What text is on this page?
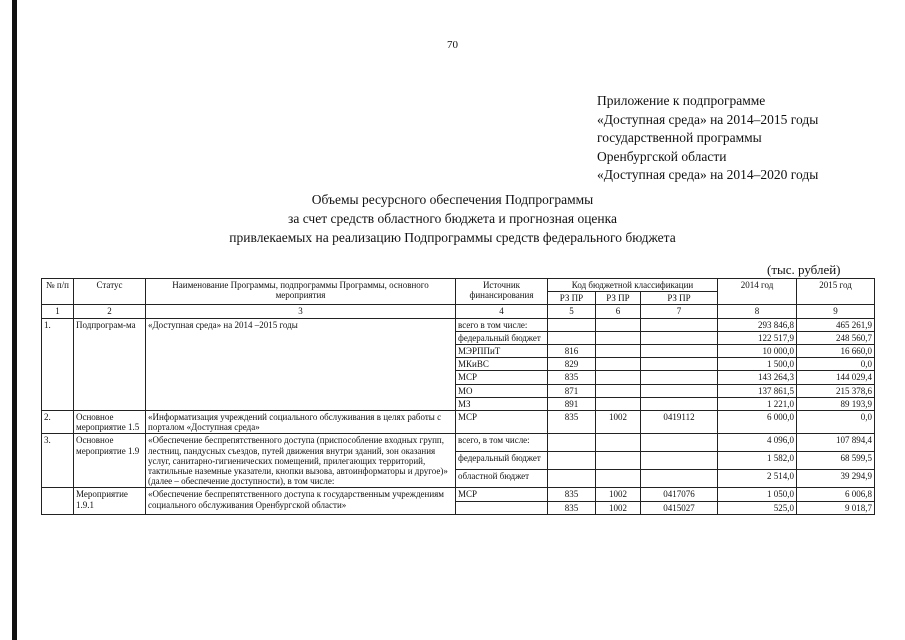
70
Приложение к подпрограмме
«Доступная среда» на 2014–2015 годы
государственной программы
Оренбургской области
«Доступная среда» на 2014–2020 годы
Объемы ресурсного обеспечения Подпрограммы
за счет средств областного бюджета и прогнозная оценка
привлекаемых на реализацию Подпрограммы средств федерального бюджета
(тыс. рублей)
№ п/п	Статус	Наименование Программы, подпрограммы Программы, основного мероприятия	Источник финансирования	Код бюджетной классификации			2014 год	2015 год
				РЗ ПР	РЗ ПР	РЗ ПР		
1	2	3	4	5	6	7	8	9
1.	Подпрограм-ма	«Доступная среда» на 2014 –2015 годы	всего в том числе:				293 846,8	465 261,9
			федеральный бюджет				122 517,9	248 560,7
			МЭРППиТ	816			10 000,0	16 660,0
			МКиВС	829			1 500,0	0,0
			МСР	835			143 264,3	144 029,4
			МО	871			137 861,5	215 378,6
			МЗ	891			1 221,0	89 193,9
2.	Основное мероприятие 1.5	«Информатизация учреждений социального обслуживания в целях работы с порталом «Доступная среда»	МСР	835	1002	0419112	6 000,0	0,0
3.	Основное мероприятие 1.9	«Обеспечение беспрепятственного доступа (приспособление входных групп, лестниц, пандусных съездов, путей движения внутри зданий, зон оказания услуг, санитарно-гигиенических помещений, прилегающих территорий, тактильные наземные указатели, кнопки вызова, автоинформаторы и другое)» (далее – обеспечение доступности), в том числе:	всего, в том числе:				4 096,0	107 894,4
			федеральный бюджет				1 582,0	68 599,5
			областной бюджет				2 514,0	39 294,9
	Мероприятие 1.9.1	«Обеспечение беспрепятственного доступа к государственным учреждениям социального обслуживания Оренбургской области»	МСР	835	1002	0417076	1 050,0	6 006,8
				835	1002	0415027	525,0	9 018,7
